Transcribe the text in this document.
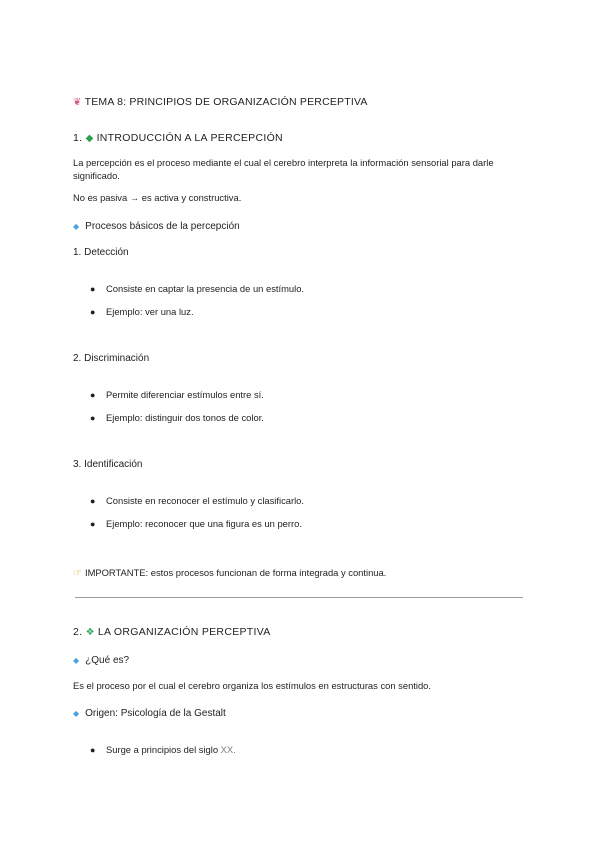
❦ TEMA 8: PRINCIPIOS DE ORGANIZACIÓN PERCEPTIVA
1. ◆ INTRODUCCIÓN A LA PERCEPCIÓN
La percepción es el proceso mediante el cual el cerebro interpreta la información sensorial para darle significado.
No es pasiva → es activa y constructiva.
◆ Procesos básicos de la percepción
1. Detección
● Consiste en captar la presencia de un estímulo.
● Ejemplo: ver una luz.
2. Discriminación
● Permite diferenciar estímulos entre sí.
● Ejemplo: distinguir dos tonos de color.
3. Identificación
● Consiste en reconocer el estímulo y clasificarlo.
● Ejemplo: reconocer que una figura es un perro.
☞ IMPORTANTE: estos procesos funcionan de forma integrada y continua.
2. ❖ LA ORGANIZACIÓN PERCEPTIVA
◆ ¿Qué es?
Es el proceso por el cual el cerebro organiza los estímulos en estructuras con sentido.
◆ Origen: Psicología de la Gestalt
● Surge a principios del siglo XX.
